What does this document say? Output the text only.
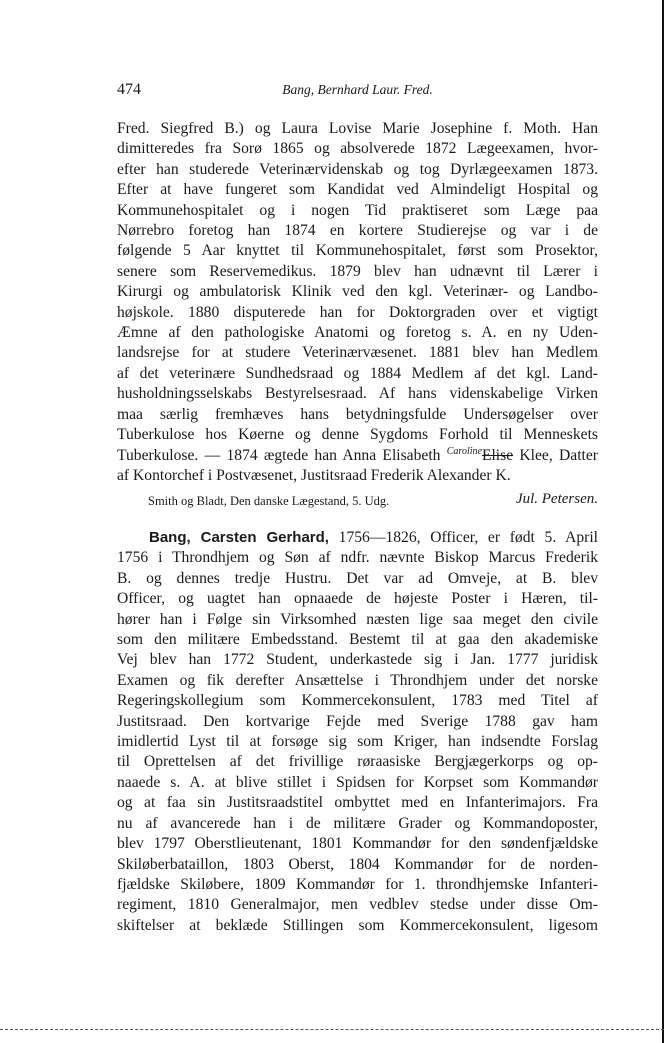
474	Bang, Bernhard Laur. Fred.

Fred. Siegfred B.) og Laura Lovise Marie Josephine f. Moth. Han
dimitteredes fra Sorø 1865 og absolverede 1872 Lægeexamen, hvor-
efter han studerede Veterinærvidenskab og tog Dyrlægeexamen 1873.
Efter at have fungeret som Kandidat ved Almindeligt Hospital og
Kommunehospitalet og i nogen Tid praktiseret som Læge paa
Nørrebro foretog han 1874 en kortere Studierejse og var i de
følgende 5 Aar knyttet til Kommunehospitalet, først som Prosektor,
senere som Reservemedikus. 1879 blev han udnævnt til Lærer i
Kirurgi og ambulatorisk Klinik ved den kgl. Veterinær- og Landbo-
højskole. 1880 disputerede han for Doktorgraden over et vigtigt
Æmne af den pathologiske Anatomi og foretog s. A. en ny Uden-
landsrejse for at studere Veterinærvæsenet. 1881 blev han Medlem
af det veterinære Sundhedsraad og 1884 Medlem af det kgl. Land-
husholdningsselskabs Bestyrelsesraad. Af hans videnskabelige Virken
maa særlig fremhæves hans betydningsfulde Undersøgelser over
Tuberkulose hos Køerne og denne Sygdoms Forhold til Menneskets
Tuberkulose. — 1874 ægtede han Anna Elisabeth $^{Caroline}$Elise Klee, Datter
af Kontorchef i Postvæsenet, Justitsraad Frederik Alexander K.

Smith og Bladt, Den danske Lægestand, 5. Udg.	Jul. Petersen.

Bang, Carsten Gerhard, 1756—1826, Officer, er født 5. April
1756 i Throndhjem og Søn af ndfr. nævnte Biskop Marcus Frederik
B. og dennes tredje Hustru. Det var ad Omveje, at B. blev
Officer, og uagtet han opnaaede de højeste Poster i Hæren, til-
hører han i Følge sin Virksomhed næsten lige saa meget den civile
som den militære Embedsstand. Bestemt til at gaa den akademiske
Vej blev han 1772 Student, underkastede sig i Jan. 1777 juridisk
Examen og fik derefter Ansættelse i Throndhjem under det norske
Regeringskollegium som Kommercekonsulent, 1783 med Titel af
Justitsraad. Den kortvarige Fejde med Sverige 1788 gav ham
imidlertid Lyst til at forsøge sig som Kriger, han indsendte Forslag
til Oprettelsen af det frivillige røraasiske Bergjægerkorps og op-
naaede s. A. at blive stillet i Spidsen for Korpset som Kommandør
og at faa sin Justitsraadstitel ombyttet med en Infanterimajors. Fra
nu af avancerede han i de militære Grader og Kommandoposter,
blev 1797 Oberstlieutenant, 1801 Kommandør for den søndenfjældske
Skiløberbataillon, 1803 Oberst, 1804 Kommandør for de norden-
fjældske Skiløbere, 1809 Kommandør for 1. throndhjemske Infanteri-
regiment, 1810 Generalmajor, men vedblev stedse under disse Om-
skiftelser at beklæde Stillingen som Kommercekonsulent, ligesom
